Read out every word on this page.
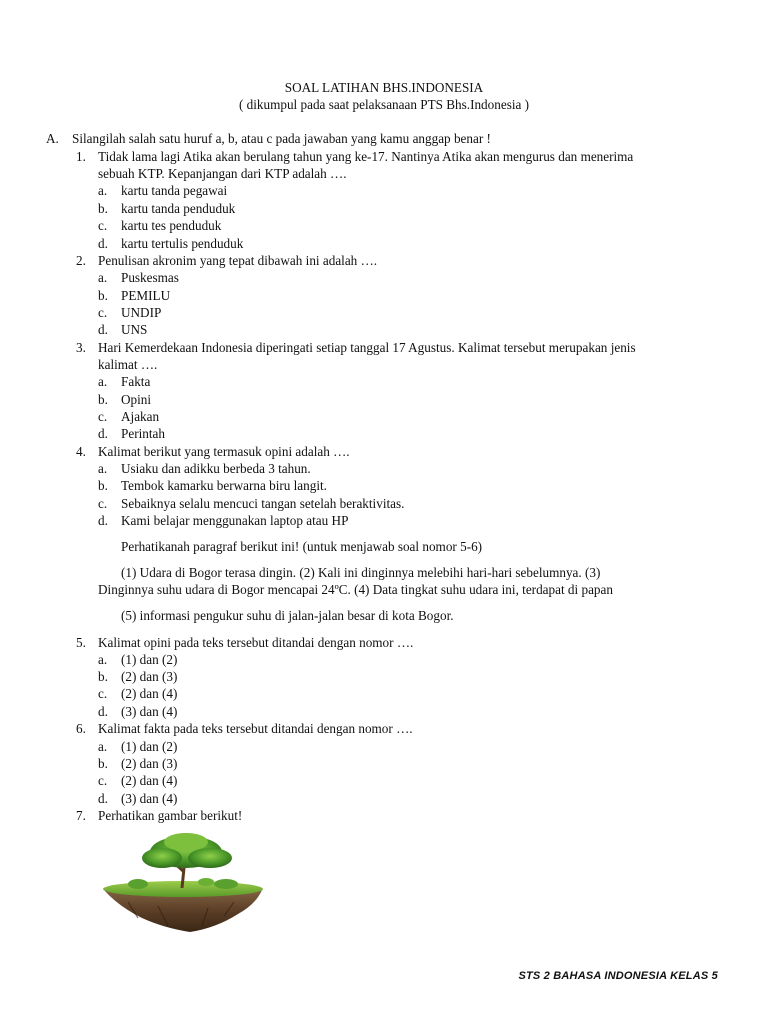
SOAL LATIHAN BHS.INDONESIA
( dikumpul pada saat pelaksanaan PTS Bhs.Indonesia )
A. Silangilah salah satu huruf a, b, atau c pada jawaban yang kamu anggap benar !
1. Tidak lama lagi Atika akan berulang tahun yang ke-17. Nantinya Atika akan mengurus dan menerima
sebuah KTP. Kepanjangan dari KTP adalah ….
a. kartu tanda pegawai
b. kartu tanda penduduk
c. kartu tes penduduk
d. kartu tertulis penduduk
2. Penulisan akronim yang tepat dibawah ini adalah ….
a. Puskesmas
b. PEMILU
c. UNDIP
d. UNS
3. Hari Kemerdekaan Indonesia diperingati setiap tanggal 17 Agustus. Kalimat tersebut merupakan jenis
kalimat ….
a. Fakta
b. Opini
c. Ajakan
d. Perintah
4. Kalimat berikut yang termasuk opini adalah ….
a. Usiaku dan adikku berbeda 3 tahun.
b. Tembok kamarku berwarna biru langit.
c. Sebaiknya selalu mencuci tangan setelah beraktivitas.
d. Kami belajar menggunakan laptop atau HP
Perhatikanah paragraf berikut ini! (untuk menjawab soal nomor 5-6)
(1) Udara di Bogor terasa dingin. (2) Kali ini dinginnya melebihi hari-hari sebelumnya. (3)
Dinginnya suhu udara di Bogor mencapai 24ºC. (4) Data tingkat suhu udara ini, terdapat di papan
(5) informasi pengukur suhu di jalan-jalan besar di kota Bogor.
5. Kalimat opini pada teks tersebut ditandai dengan nomor ….
a. (1) dan (2)
b. (2) dan (3)
c. (2) dan (4)
d. (3) dan (4)
6. Kalimat fakta pada teks tersebut ditandai dengan nomor ….
a. (1) dan (2)
b. (2) dan (3)
c. (2) dan (4)
d. (3) dan (4)
7. Perhatikan gambar berikut!
STS 2 BAHASA INDONESIA KELAS 5
